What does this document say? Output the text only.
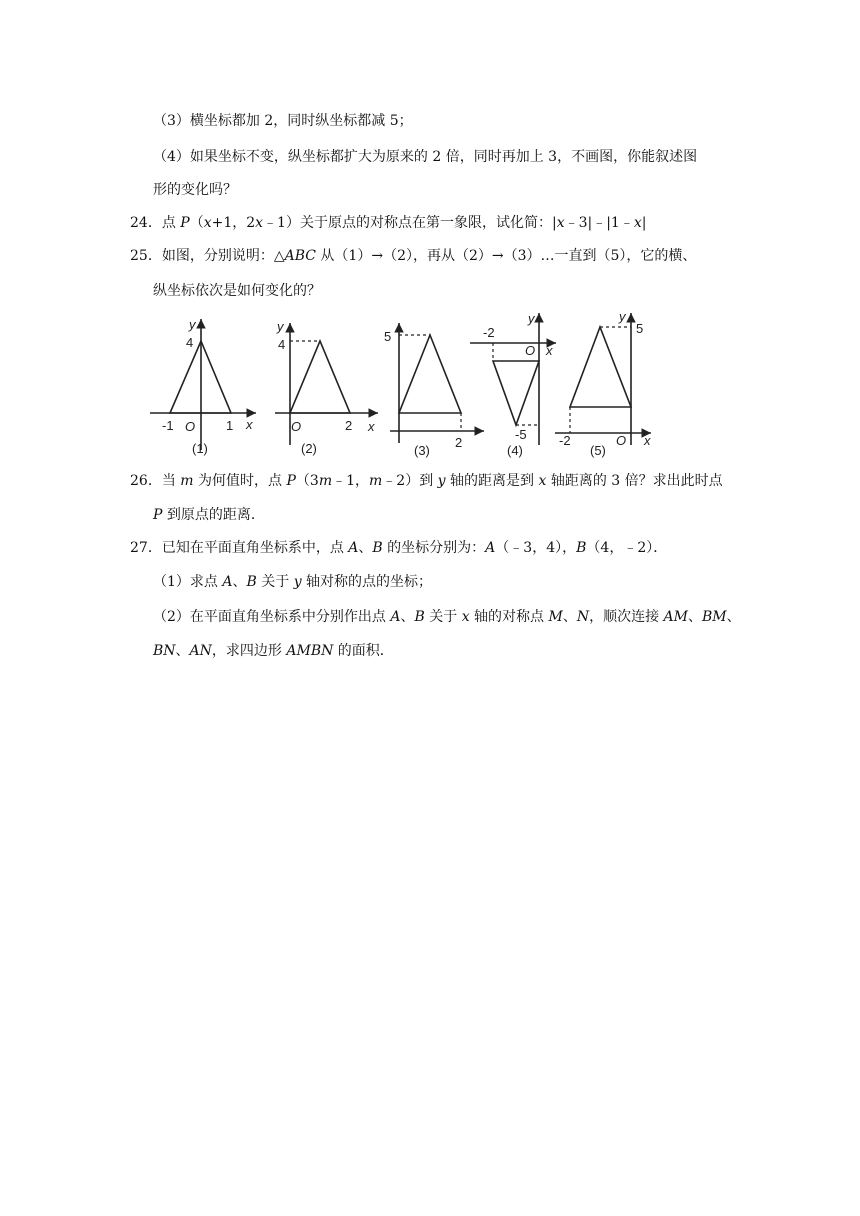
（3）横坐标都加 2，同时纵坐标都减 5；
（4）如果坐标不变，纵坐标都扩大为原来的 2 倍，同时再加上 3，不画图，你能叙述图
形的变化吗？
24．点 P（x+1，2x﹣1）关于原点的对称点在第一象限，试化简：|x﹣3|﹣|1﹣x|
25．如图，分别说明：△ABC 从（1）→（2），再从（2）→（3）…一直到（5），它的横、
纵坐标依次是如何变化的？
y
4
-1 O 1 x
(1)
y
4
O	2 x
(2)
5
2
(3)
-2
y
O x
-5
(4)
y
5
-2	O x
(5)
26．当 m 为何值时，点 P（3m﹣1，m﹣2）到 y 轴的距离是到 x 轴距离的 3 倍？求出此时点
P 到原点的距离．
27．已知在平面直角坐标系中，点 A、B 的坐标分别为：A（﹣3，4），B（4，﹣2）．
（1）求点 A、B 关于 y 轴对称的点的坐标；
（2）在平面直角坐标系中分别作出点 A、B 关于 x 轴的对称点 M、N，顺次连接 AM、BM、
BN、AN，求四边形 AMBN 的面积．
